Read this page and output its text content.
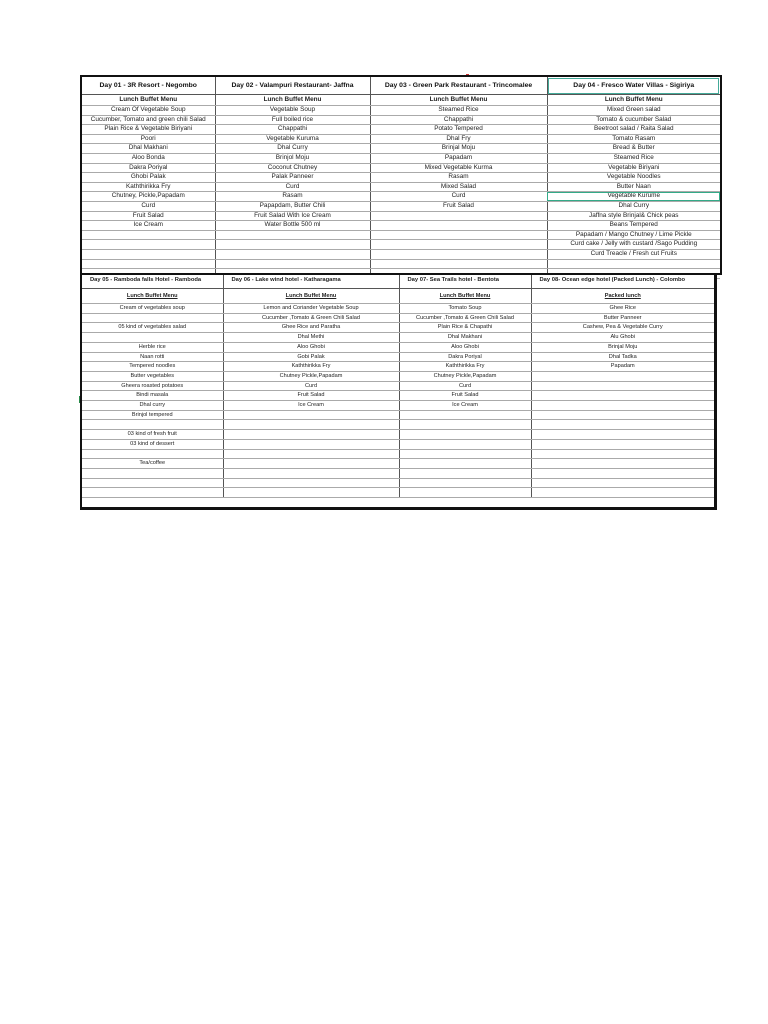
Day 01 - 3R Resort - Negombo	Day 02 - Valampuri Restaurant- Jaffna	Day 03 - Green Park Restaurant - Trincomalee	Day 04 - Fresco Water Villas - Sigiriya
Lunch Buffet Menu	Lunch Buffet Menu	Lunch Buffet Menu	Lunch Buffet Menu
Cream Of Vegetable Soup	Vegetable Soup	Steamed Rice	Mixed Green salad
Cucumber, Tomato and green chili Salad	Full boiled rice	Chappathi	Tomato & cucumber Salad
Plain Rice & Vegetable Biriyani	Chappathi	Potato Tempered	Beetroot salad / Raita Salad
Poori	Vegetable Kuruma	Dhal Fry	Tomato Rasam
Dhal Makhani	Dhal Curry	Brinjal Moju	Bread & Butter
Aloo Bonda	Brinjol Moju	Papadam	Steamed Rice
Dakra Poriyal	Coconut Chutney	Mixed Vegetable Kurma	Vegetable Biriyani
Ghobi Palak	Palak Panneer	Rasam	Vegetable Noodles
Kaththirikka Fry	Curd	Mixed Salad	Butter Naan
Chutney, Pickle,Papadam	Rasam	Curd	Vegetable Kurume
Curd	Papapdam, Butter Chili	Fruit Salad	Dhal Curry
Fruit Salad	Fruit Salad With Ice Cream		Jaffna style Brinjal& Chick peas
Ice Cream	Water Bottle 500 ml		Beans Tempered
			Papadam / Mango Chutney / Lime Pickle
			Curd cake / Jelly with custard /Sago Pudding
			Curd Treacle / Fresh cut Fruits

Day 05 - Ramboda falls Hotel - Ramboda	Day 06 - Lake wind hotel - Katharagama	Day 07- Sea Trails hotel - Bentota	Day 08- Ocean edge hotel (Packed Lunch) - Colombo
Lunch Buffet Menu	Lunch Buffet Menu	Lunch Buffet Menu	Packed lunch
Cream of vegetables soup	Lemon and Coriander Vegetable Soup	Tomato Soup	Ghee Rice
	Cucumber ,Tomato & Green Chili Salad	Cucumber ,Tomato & Green Chili Salad	Butter Panneer
05 kind of vegetables salad	Ghee Rice and Paratha	Plain Rice & Chapathi	Cashew, Pea & Vegetable Curry
	Dhal Methi	Dhal Makhani	Alu Ghobi
Herble rice	Aloo Ghobi	Aloo Ghobi	Brinjal Moju
Naan rotti	Gobi Palak	Dakra Poriyal	Dhal Tadka
Tempered noodles	Kaththirikka Fry	Kaththirikka Fry	Papadam
Butter vegetables	Chutney Pickle,Papadam	Chutney Pickle,Papadam	
Gheera roasted potatoes	Curd	Curd	
Bindi masala	Fruit Salad	Fruit Salad	
Dhal curry	Ice Cream	Ice Cream	
Brinjol tempered			

03 kind of fresh fruit			
03 kind of dessert			

Tea/coffee			
